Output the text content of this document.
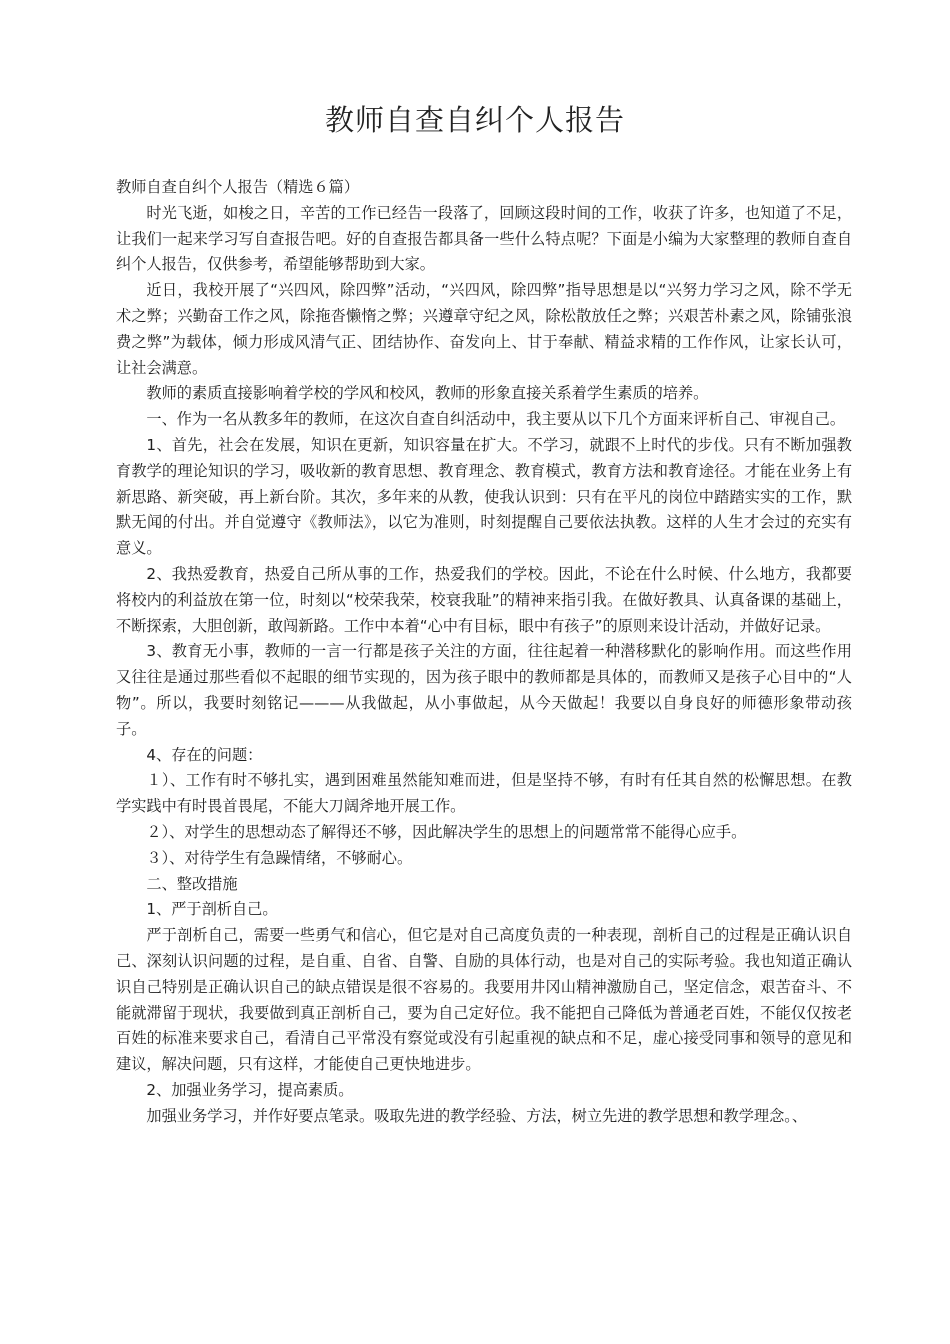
教师自查自纠个人报告

教师自查自纠个人报告（精选６篇）

时光飞逝，如梭之日，辛苦的工作已经告一段落了，回顾这段时间的工作，收获了许多，也知道了不足，让我们一起来学习写自查报告吧。好的自查报告都具备一些什么特点呢？下面是小编为大家整理的教师自查自纠个人报告，仅供参考，希望能够帮助到大家。

近日，我校开展了“兴四风，除四弊”活动，“兴四风，除四弊”指导思想是以“兴努力学习之风，除不学无术之弊；兴勤奋工作之风，除拖沓懒惰之弊；兴遵章守纪之风，除松散放任之弊；兴艰苦朴素之风，除铺张浪费之弊”为载体，倾力形成风清气正、团结协作、奋发向上、甘于奉献、精益求精的工作作风，让家长认可，让社会满意。

教师的素质直接影响着学校的学风和校风，教师的形象直接关系着学生素质的培养。

一、作为一名从教多年的教师，在这次自查自纠活动中，我主要从以下几个方面来评析自己、审视自己。

1、首先，社会在发展，知识在更新，知识容量在扩大。不学习，就跟不上时代的步伐。只有不断加强教育教学的理论知识的学习，吸收新的教育思想、教育理念、教育模式，教育方法和教育途径。才能在业务上有新思路、新突破，再上新台阶。其次，多年来的从教，使我认识到：只有在平凡的岗位中踏踏实实的工作，默默无闻的付出。并自觉遵守《教师法》，以它为准则，时刻提醒自己要依法执教。这样的人生才会过的充实有意义。

2、我热爱教育，热爱自己所从事的工作，热爱我们的学校。因此，不论在什么时候、什么地方，我都要将校内的利益放在第一位，时刻以“校荣我荣，校衰我耻”的精神来指引我。在做好教具、认真备课的基础上，不断探索，大胆创新，敢闯新路。工作中本着“心中有目标，眼中有孩子”的原则来设计活动，并做好记录。

3、教育无小事，教师的一言一行都是孩子关注的方面，往往起着一种潜移默化的影响作用。而这些作用又往往是通过那些看似不起眼的细节实现的，因为孩子眼中的教师都是具体的，而教师又是孩子心目中的“人物”。所以，我要时刻铭记———从我做起，从小事做起，从今天做起！我要以自身良好的师德形象带动孩子。

4、存在的问题：

１）、工作有时不够扎实，遇到困难虽然能知难而进，但是坚持不够，有时有任其自然的松懈思想。在教学实践中有时畏首畏尾，不能大刀阔斧地开展工作。

２）、对学生的思想动态了解得还不够，因此解决学生的思想上的问题常常不能得心应手。

３）、对待学生有急躁情绪，不够耐心。

二、整改措施

1、严于剖析自己。

严于剖析自己，需要一些勇气和信心，但它是对自己高度负责的一种表现，剖析自己的过程是正确认识自己、深刻认识问题的过程，是自重、自省、自警、自励的具体行动，也是对自己的实际考验。我也知道正确认识自己特别是正确认识自己的缺点错误是很不容易的。我要用井冈山精神激励自己，坚定信念，艰苦奋斗、不能就滞留于现状，我要做到真正剖析自己，要为自己定好位。我不能把自己降低为普通老百姓，不能仅仅按老百姓的标准来要求自己，看清自己平常没有察觉或没有引起重视的缺点和不足，虚心接受同事和领导的意见和建议，解决问题，只有这样，才能使自己更快地进步。

2、加强业务学习，提高素质。

加强业务学习，并作好要点笔录。吸取先进的教学经验、方法，树立先进的教学思想和教学理念。、
